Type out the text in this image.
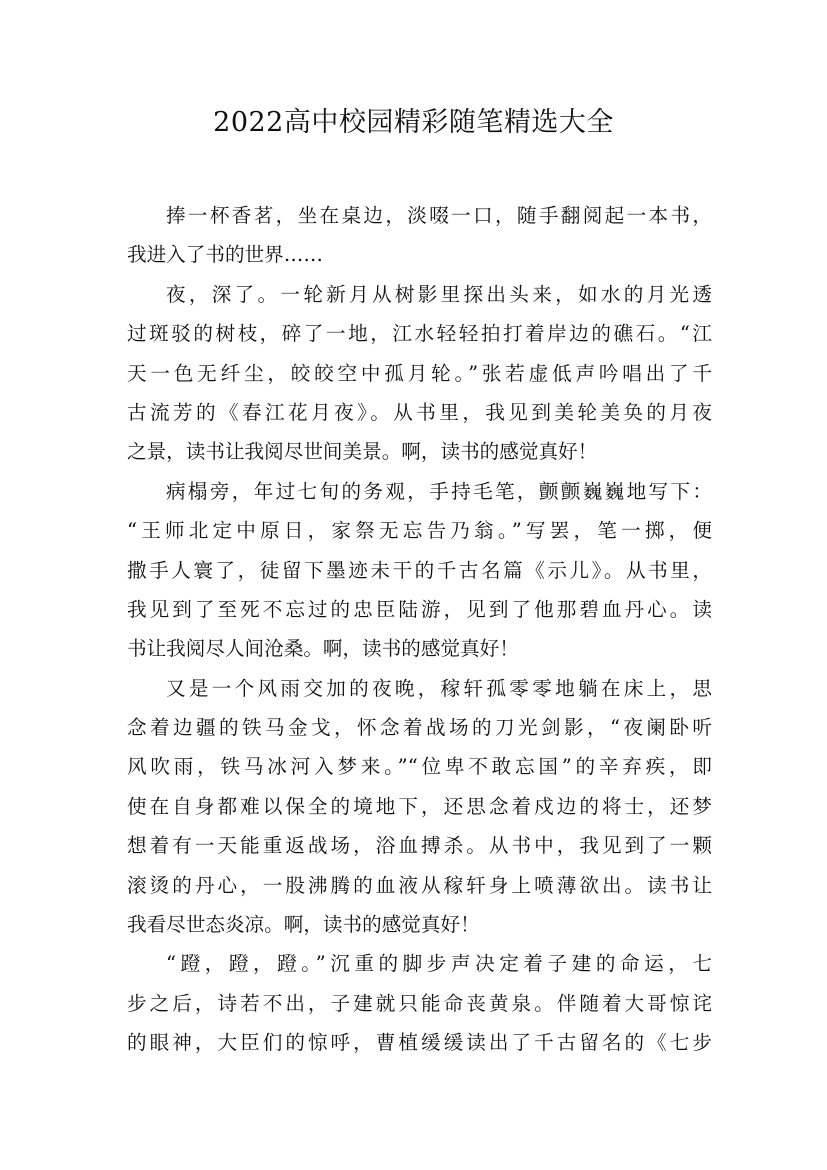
2022高中校园精彩随笔精选大全
捧一杯香茗，坐在桌边，淡啜一口，随手翻阅起一本书，
我进入了书的世界……
夜，深了。一轮新月从树影里探出头来，如水的月光透
过斑驳的树枝，碎了一地，江水轻轻拍打着岸边的礁石。“江
天一色无纤尘，皎皎空中孤月轮。”张若虚低声吟唱出了千
古流芳的《春江花月夜》。从书里，我见到美轮美奂的月夜
之景，读书让我阅尽世间美景。啊，读书的感觉真好！
病榻旁，年过七旬的务观，手持毛笔，颤颤巍巍地写下：
“王师北定中原日，家祭无忘告乃翁。”写罢，笔一掷，便
撒手人寰了，徒留下墨迹未干的千古名篇《示儿》。从书里，
我见到了至死不忘过的忠臣陆游，见到了他那碧血丹心。读
书让我阅尽人间沧桑。啊，读书的感觉真好！
又是一个风雨交加的夜晚，稼轩孤零零地躺在床上，思
念着边疆的铁马金戈，怀念着战场的刀光剑影，“夜阑卧听
风吹雨，铁马冰河入梦来。”“位卑不敢忘国”的辛弃疾，即
使在自身都难以保全的境地下，还思念着戍边的将士，还梦
想着有一天能重返战场，浴血搏杀。从书中，我见到了一颗
滚烫的丹心，一股沸腾的血液从稼轩身上喷薄欲出。读书让
我看尽世态炎凉。啊，读书的感觉真好！
“蹬，蹬，蹬。”沉重的脚步声决定着子建的命运，七
步之后，诗若不出，子建就只能命丧黄泉。伴随着大哥惊诧
的眼神，大臣们的惊呼，曹植缓缓读出了千古留名的《七步
